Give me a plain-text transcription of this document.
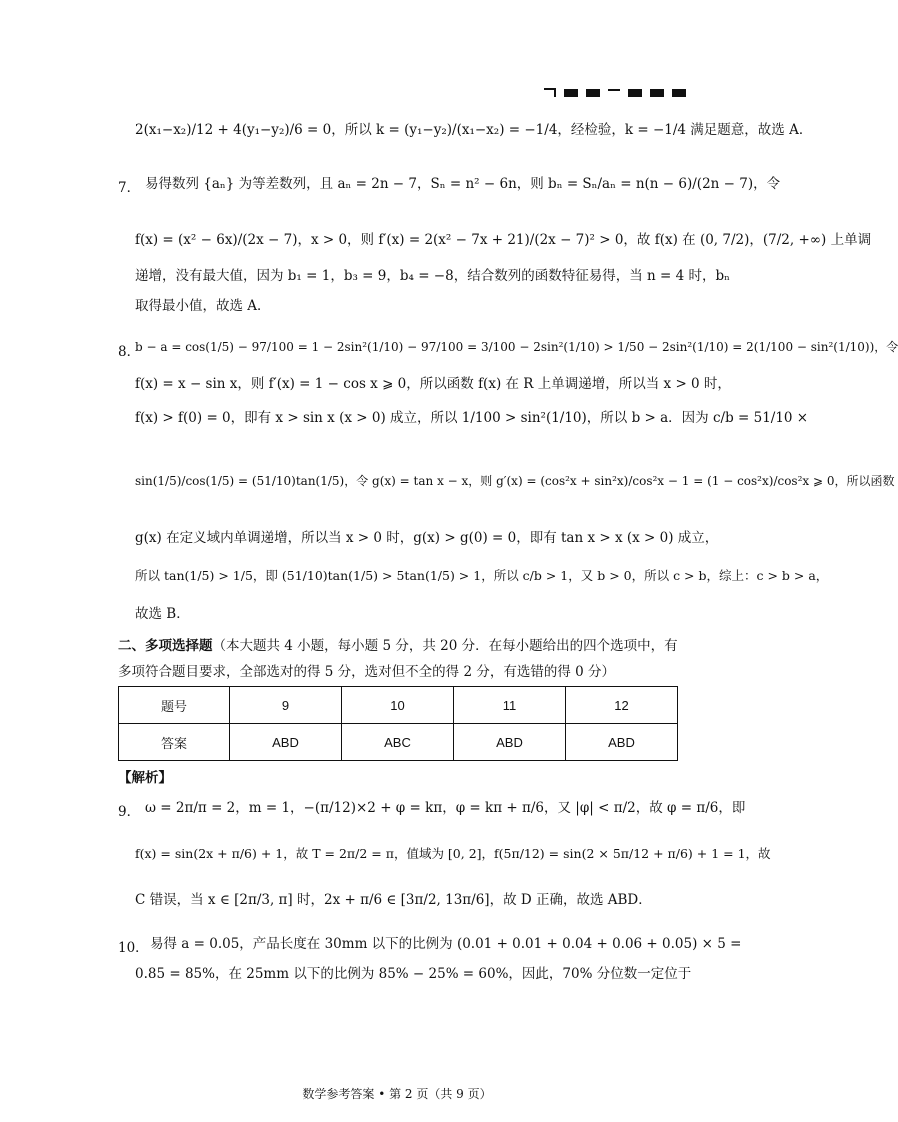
2(x₁−x₂)/12 + 4(y₁−y₂)/6 = 0，所以 k = (y₁−y₂)/(x₁−x₂) = −1/4，经检验，k = −1/4 满足题意，故选 A．
7． 易得数列 {aₙ} 为等差数列，且 aₙ = 2n − 7，Sₙ = n² − 6n，则 bₙ = Sₙ/aₙ = n(n − 6)/(2n − 7)，令
f(x) = (x² − 6x)/(2x − 7)，x > 0，则 f′(x) = 2(x² − 7x + 21)/(2x − 7)² > 0，故 f(x) 在 (0, 7/2)，(7/2, +∞) 上单调
递增，没有最大值，因为 b₁ = 1，b₃ = 9，b₄ = −8，结合数列的函数特征易得，当 n = 4 时，bₙ
取得最小值，故选 A．
8．
b − a = cos(1/5) − 97/100 = 1 − 2sin²(1/10) − 97/100 = 3/100 − 2sin²(1/10) > 1/50 − 2sin²(1/10) = 2(1/100 − sin²(1/10))，令
f(x) = x − sin x，则 f′(x) = 1 − cos x ⩾ 0，所以函数 f(x) 在 R 上单调递增，所以当 x > 0 时，
f(x) > f(0) = 0，即有 x > sin x (x > 0) 成立，所以 1/100 > sin²(1/10)，所以 b > a．因为 c/b = 51/10 ×
sin(1/5)/cos(1/5) = (51/10)tan(1/5)，令 g(x) = tan x − x，则 g′(x) = (cos²x + sin²x)/cos²x − 1 = (1 − cos²x)/cos²x ⩾ 0，所以函数
g(x) 在定义域内单调递增，所以当 x > 0 时，g(x) > g(0) = 0，即有 tan x > x (x > 0) 成立，
所以 tan(1/5) > 1/5，即 (51/10)tan(1/5) > 5tan(1/5) > 1，所以 c/b > 1，又 b > 0，所以 c > b，综上：c > b > a，
故选 B．
二、多项选择题（本大题共 4 小题，每小题 5 分，共 20 分．在每小题给出的四个选项中，有
多项符合题目要求，全部选对的得 5 分，选对但不全的得 2 分，有选错的得 0 分）
题号	9	10	11	12
答案	ABD	ABC	ABD	ABD
【解析】
9． ω = 2π/π = 2，m = 1，−(π/12)×2 + φ = kπ，φ = kπ + π/6，又 |φ| < π/2，故 φ = π/6，即
f(x) = sin(2x + π/6) + 1，故 T = 2π/2 = π，值域为 [0, 2]，f(5π/12) = sin(2 × 5π/12 + π/6) + 1 = 1，故
C 错误，当 x ∈ [2π/3, π] 时，2x + π/6 ∈ [3π/2, 13π/6]，故 D 正确，故选 ABD．
10． 易得 a = 0.05，产品长度在 30mm 以下的比例为 (0.01 + 0.01 + 0.04 + 0.06 + 0.05) × 5 =
0.85 = 85%，在 25mm 以下的比例为 85% − 25% = 60%，因此，70% 分位数一定位于
数学参考答案 • 第 2 页（共 9 页）
